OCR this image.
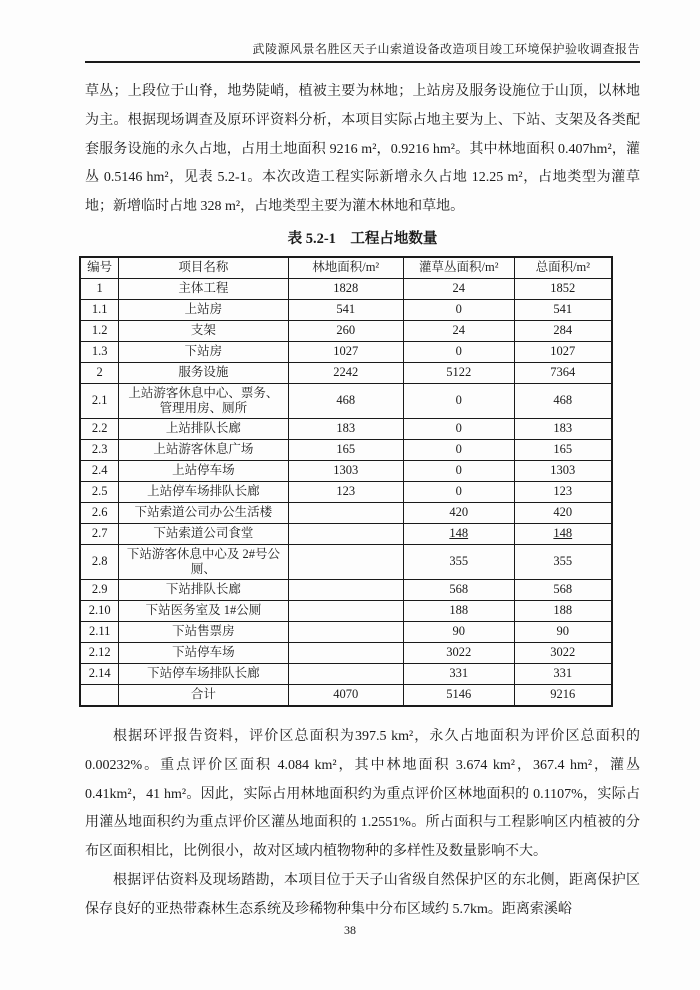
武陵源风景名胜区天子山索道设备改造项目竣工环境保护验收调查报告

草丛；上段位于山脊，地势陡峭，植被主要为林地；上站房及服务设施位于山顶，以林地为主。根据现场调查及原环评资料分析，本项目实际占地主要为上、下站、支架及各类配套服务设施的永久占地，占用土地面积 9216 m²，0.9216 hm²。其中林地面积 0.407hm²，灌丛 0.5146 hm²，见表 5.2-1。本次改造工程实际新增永久占地 12.25 m²，占地类型为灌草地；新增临时占地 328 m²，占地类型主要为灌木林地和草地。

表 5.2-1　工程占地数量
编号	项目名称	林地面积/m²	灌草丛面积/m²	总面积/m²
1	主体工程	1828	24	1852
1.1	上站房	541	0	541
1.2	支架	260	24	284
1.3	下站房	1027	0	1027
2	服务设施	2242	5122	7364
2.1	上站游客休息中心、票务、管理用房、厕所	468	0	468
2.2	上站排队长廊	183	0	183
2.3	上站游客休息广场	165	0	165
2.4	上站停车场	1303	0	1303
2.5	上站停车场排队长廊	123	0	123
2.6	下站索道公司办公生活楼		420	420
2.7	下站索道公司食堂		148	148
2.8	下站游客休息中心及 2#号公厕、		355	355
2.9	下站排队长廊		568	568
2.10	下站医务室及 1#公厕		188	188
2.11	下站售票房		90	90
2.12	下站停车场		3022	3022
2.14	下站停车场排队长廊		331	331
	合计	4070	5146	9216

根据环评报告资料，评价区总面积为397.5 km²，永久占地面积为评价区总面积的0.00232%。重点评价区面积 4.084 km²，其中林地面积 3.674 km²，367.4 hm²，灌丛 0.41km²，41 hm²。因此，实际占用林地面积约为重点评价区林地面积的 0.1107%，实际占用灌丛地面积约为重点评价区灌丛地面积的 1.2551%。所占面积与工程影响区内植被的分布区面积相比，比例很小，故对区域内植物物种的多样性及数量影响不大。

根据评估资料及现场踏勘，本项目位于天子山省级自然保护区的东北侧，距离保护区保存良好的亚热带森林生态系统及珍稀物种集中分布区域约 5.7km。距离索溪峪

38
